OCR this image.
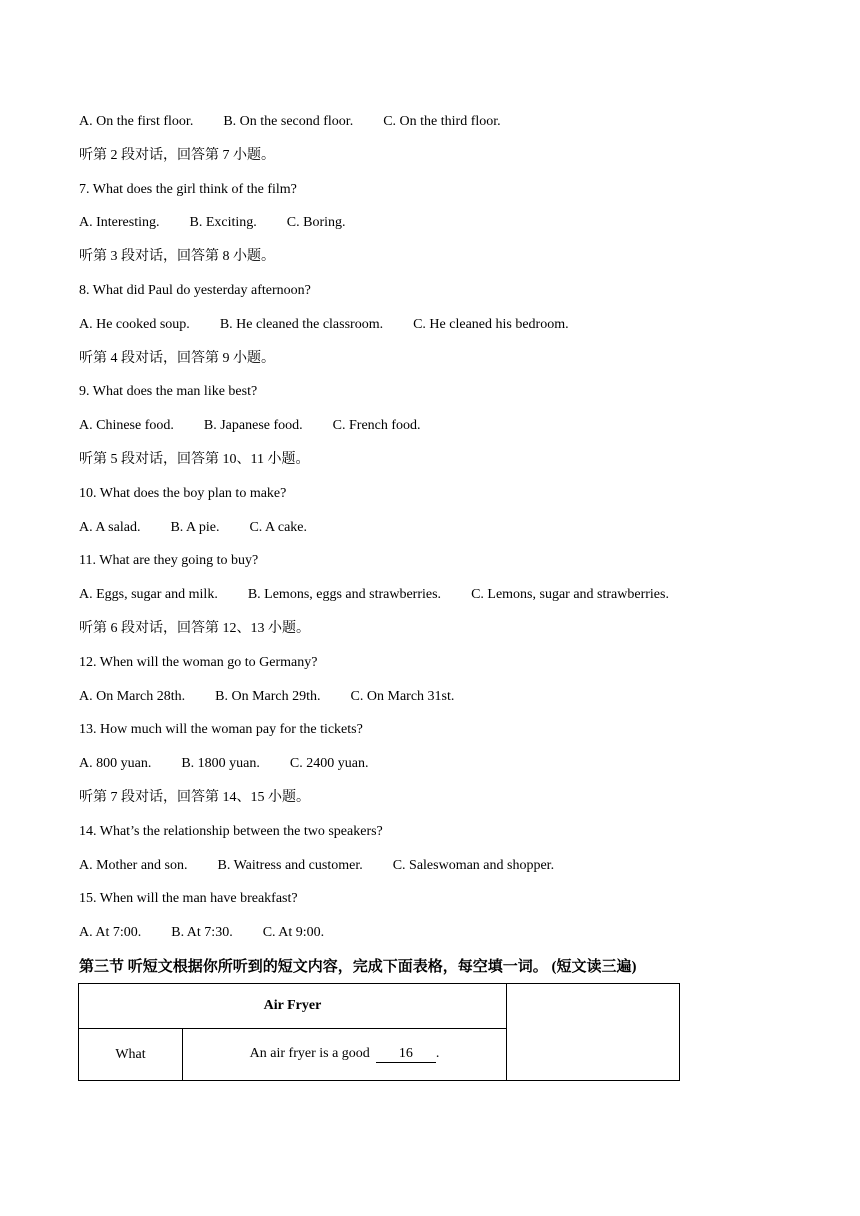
A. On the first floor. B. On the second floor. C. On the third floor.
听第 2 段对话，回答第 7 小题。
7. What does the girl think of the film?
A. Interesting. B. Exciting. C. Boring.
听第 3 段对话，回答第 8 小题。
8. What did Paul do yesterday afternoon?
A. He cooked soup. B. He cleaned the classroom. C. He cleaned his bedroom.
听第 4 段对话，回答第 9 小题。
9. What does the man like best?
A. Chinese food. B. Japanese food. C. French food.
听第 5 段对话，回答第 10、11 小题。
10. What does the boy plan to make?
A. A salad. B. A pie. C. A cake.
11. What are they going to buy?
A. Eggs, sugar and milk. B. Lemons, eggs and strawberries. C. Lemons, sugar and strawberries.
听第 6 段对话，回答第 12、13 小题。
12. When will the woman go to Germany?
A. On March 28th. B. On March 29th. C. On March 31st.
13. How much will the woman pay for the tickets?
A. 800 yuan. B. 1800 yuan. C. 2400 yuan.
听第 7 段对话，回答第 14、15 小题。
14. What’s the relationship between the two speakers?
A. Mother and son. B. Waitress and customer. C. Saleswoman and shopper.
15. When will the man have breakfast?
A. At 7:00. B. At 7:30. C. At 9:00.
第三节 听短文根据你所听到的短文内容，完成下面表格，每空填一词。 (短文读三遍)
Air Fryer		
What	An air fryer is a good 16 .	
